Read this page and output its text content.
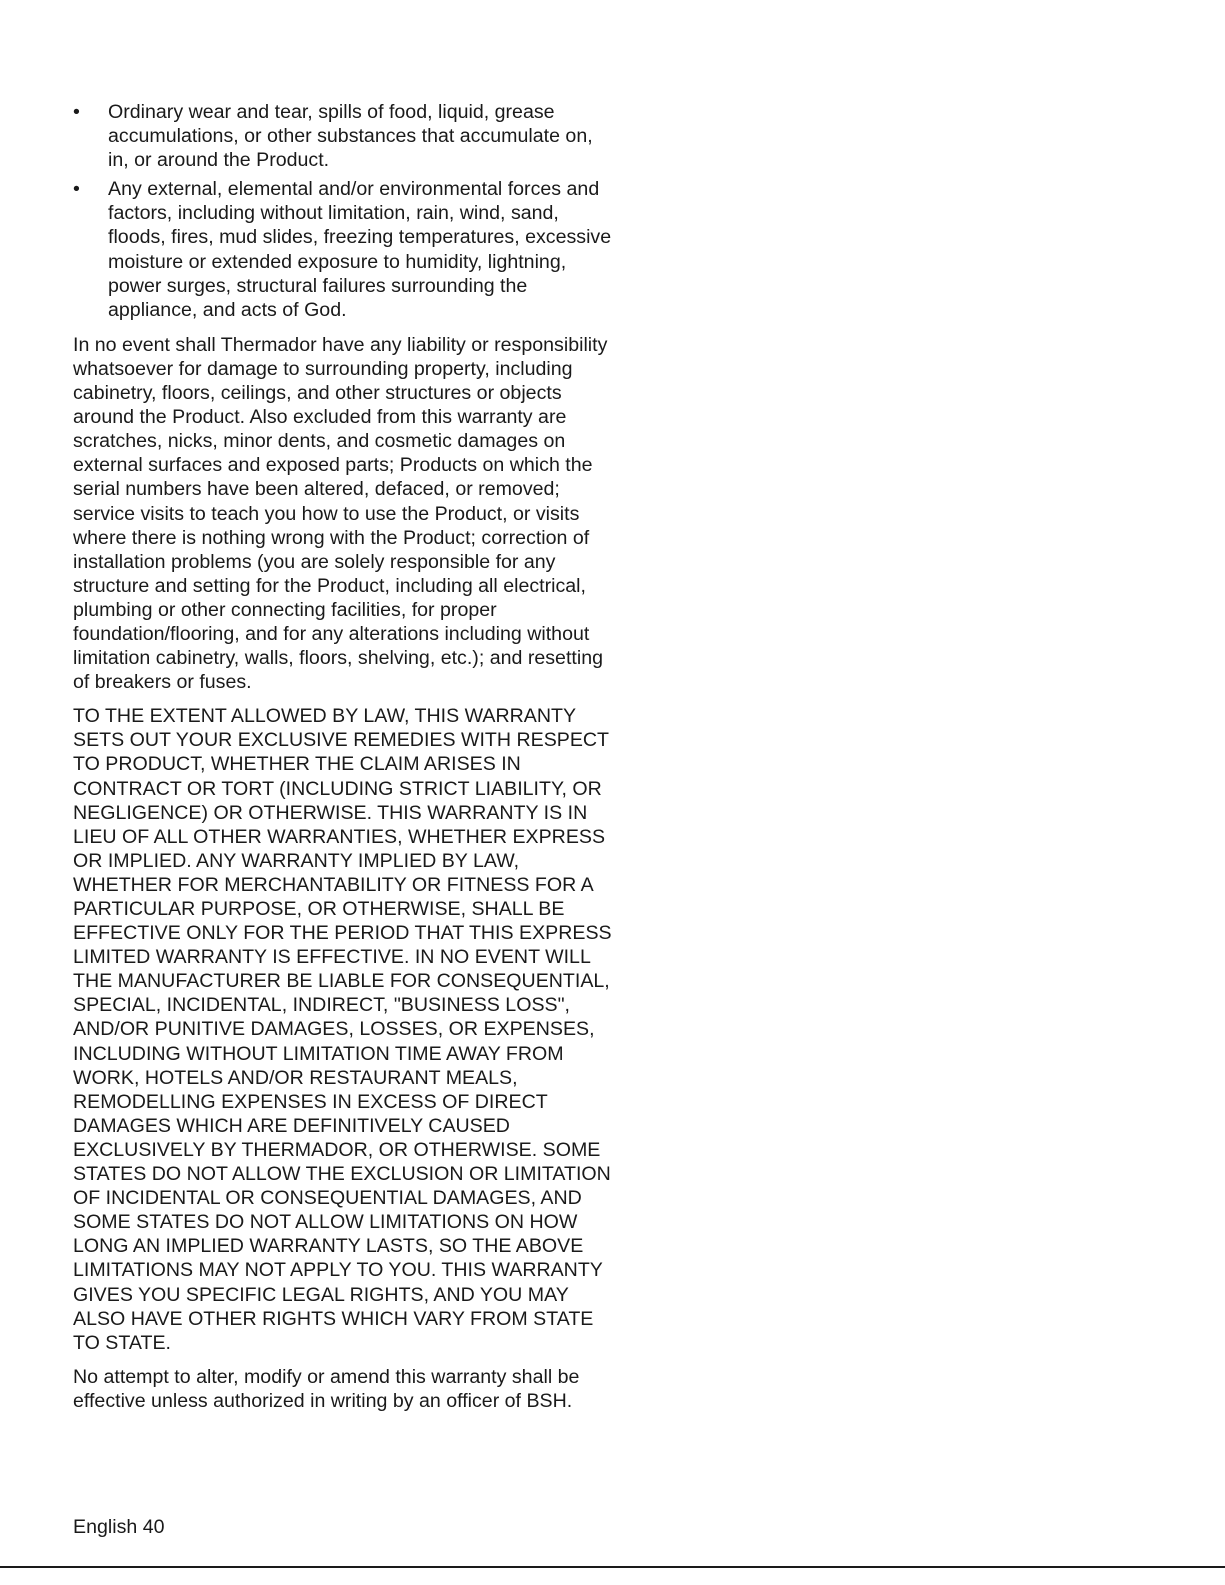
• Ordinary wear and tear, spills of food, liquid, grease accumulations, or other substances that accumulate on, in, or around the Product.
• Any external, elemental and/or environmental forces and factors, including without limitation, rain, wind, sand, floods, fires, mud slides, freezing temperatures, excessive moisture or extended exposure to humidity, lightning, power surges, structural failures surrounding the appliance, and acts of God.

In no event shall Thermador have any liability or responsibility whatsoever for damage to surrounding property, including cabinetry, floors, ceilings, and other structures or objects around the Product. Also excluded from this warranty are scratches, nicks, minor dents, and cosmetic damages on external surfaces and exposed parts; Products on which the serial numbers have been altered, defaced, or removed; service visits to teach you how to use the Product, or visits where there is nothing wrong with the Product; correction of installation problems (you are solely responsible for any structure and setting for the Product, including all electrical, plumbing or other connecting facilities, for proper foundation/flooring, and for any alterations including without limitation cabinetry, walls, floors, shelving, etc.); and resetting of breakers or fuses.

TO THE EXTENT ALLOWED BY LAW, THIS WARRANTY SETS OUT YOUR EXCLUSIVE REMEDIES WITH RESPECT TO PRODUCT, WHETHER THE CLAIM ARISES IN CONTRACT OR TORT (INCLUDING STRICT LIABILITY, OR NEGLIGENCE) OR OTHERWISE. THIS WARRANTY IS IN LIEU OF ALL OTHER WARRANTIES, WHETHER EXPRESS OR IMPLIED. ANY WARRANTY IMPLIED BY LAW, WHETHER FOR MERCHANTABILITY OR FITNESS FOR A PARTICULAR PURPOSE, OR OTHERWISE, SHALL BE EFFECTIVE ONLY FOR THE PERIOD THAT THIS EXPRESS LIMITED WARRANTY IS EFFECTIVE. IN NO EVENT WILL THE MANUFACTURER BE LIABLE FOR CONSEQUENTIAL, SPECIAL, INCIDENTAL, INDIRECT, "BUSINESS LOSS", AND/OR PUNITIVE DAMAGES, LOSSES, OR EXPENSES, INCLUDING WITHOUT LIMITATION TIME AWAY FROM WORK, HOTELS AND/OR RESTAURANT MEALS, REMODELLING EXPENSES IN EXCESS OF DIRECT DAMAGES WHICH ARE DEFINITIVELY CAUSED EXCLUSIVELY BY THERMADOR, OR OTHERWISE. SOME STATES DO NOT ALLOW THE EXCLUSION OR LIMITATION OF INCIDENTAL OR CONSEQUENTIAL DAMAGES, AND SOME STATES DO NOT ALLOW LIMITATIONS ON HOW LONG AN IMPLIED WARRANTY LASTS, SO THE ABOVE LIMITATIONS MAY NOT APPLY TO YOU. THIS WARRANTY GIVES YOU SPECIFIC LEGAL RIGHTS, AND YOU MAY ALSO HAVE OTHER RIGHTS WHICH VARY FROM STATE TO STATE.

No attempt to alter, modify or amend this warranty shall be effective unless authorized in writing by an officer of BSH.

English 40
